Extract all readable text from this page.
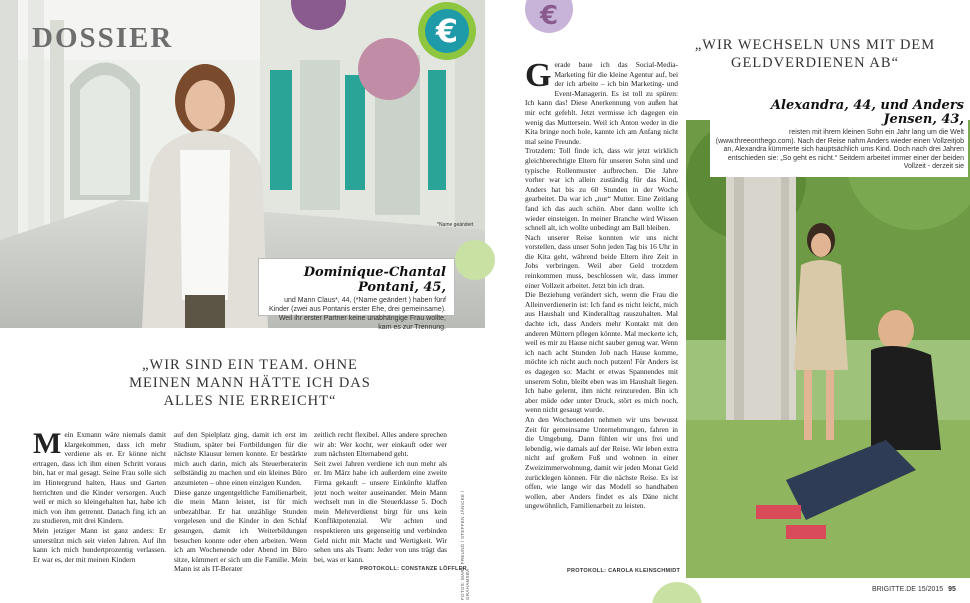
€	€
DOSSIER
*Name geändert
Dominique-Chantal Pontani, 45,
und Mann Claus*, 44, (*Name geändert ) haben fünf Kinder (zwei aus Pontanis erster Ehe, drei gemeinsame). Weil ihr erster Partner keine unabhängige Frau wollte, kam es zur Trennung.
„WIR SIND EIN TEAM. OHNE MEINEN MANN HÄTTE ICH DAS ALLES NIE ERREICHT“
Mein Exmann wäre niemals damit klargekommen, dass ich mehr verdiene als er. Er könne nicht ertragen, dass ich ihm einen Schritt voraus bin, hat er mal gesagt. Seine Frau solle sich im Hintergrund halten, Haus und Garten herrichten und die Kinder versorgen. Auch weil er mich so kleingehalten hat, habe ich mich von ihm getrennt. Danach fing ich an zu studieren, mit drei Kindern.
Mein jetziger Mann ist ganz anders: Er unterstützt mich seit vielen Jahren. Auf ihn kann ich mich hundertprozentig verlassen. Er war es, der mit meinen Kindern
auf den Spielplatz ging, damit ich erst im Studium, später bei Fortbildungen für die nächste Klausur lernen konnte. Er bestärkte mich auch darin, mich als Steuerberaterin selbständig zu machen und ein kleines Büro anzumieten – ohne einen einzigen Kunden.
Diese ganze ungentgeltliche Familienarbeit, die mein Mann leistet, ist für mich unbezahlbar. Er hat unzählige Stunden vorgelesen und die Kinder in den Schlaf gesungen, damit ich Weiterbildungen besuchen konnte oder eben arbeiten. Wenn ich am Wochenende oder Abend im Büro sitze, kümmert er sich um die Familie. Mein Mann ist als IT-Berater
zeitlich recht flexibel. Alles andere sprechen wir ab: Wer kocht, wer einkauft oder wer zum nächsten Elternabend geht.
Seit zwei Jahren verdiene ich nun mehr als er. Im März habe ich außerdem eine zweite Firma gekauft – unsere Einkünfte klaffen jetzt noch weiter auseinander. Mein Mann wechselt nun in die Steuerklasse 5. Doch mein Mehrverdienst birgt für uns kein Konfliktpotenzial. Wir achten und respektieren uns gegenseitig und verbinden Geld nicht mit Macht und Wertigkeit. Wir sehen uns als Team: Jeder von uns trägt das bei, was er kann.
PROTOKOLL: CONSTANZE LÖFFLER
FOTOS: MARK FREUND / STEFFEN JÄNICKE / GRAHAMSBA
„WIR WECHSELN UNS MIT DEM GELDVERDIENEN AB“
Alexandra, 44, und Anders Jensen, 43,
reisten mit ihrem kleinen Sohn ein Jahr lang um die Welt (www.threeonthego.com). Nach der Reise nahm Anders wieder einen Vollzeitjob an, Alexandra kümmerte sich hauptsächlich ums Kind. Doch nach drei Jahren entschieden sie: „So geht es nicht.“ Seitdem arbeitet immer einer der beiden Vollzeit - derzeit sie
Gerade baue ich das Social-Media-Marketing für die kleine Agentur auf, bei der ich arbeite – ich bin Marketing- und Event-Managerin. Es ist toll zu spüren: Ich kann das! Diese Anerkennung von außen hat mir echt gefehlt. Jetzt vermisse ich dagegen ein wenig das Muttersein. Weil ich Anton weder in die Kita bringe noch hole, kannte ich am Anfang nicht mal seine Freunde.
Trotzdem: Toll finde ich, dass wir jetzt wirklich gleichberechtigte Eltern für unseren Sohn sind und typische Rollenmuster aufbrechen. Die Jahre vorher war ich allein zuständig für das Kind, Anders hat bis zu 60 Stunden in der Woche gearbeitet. Da war ich „nur“ Mutter. Eine Zeitlang fand ich das auch schön. Aber dann wollte ich wieder einsteigen. In meiner Branche wird Wissen schnell alt, ich wollte unbedingt am Ball bleiben.
Nach unserer Reise konnten wir uns nicht vorstellen, dass unser Sohn jeden Tag bis 16 Uhr in die Kita geht, während beide Eltern ihre Zeit in Jobs verbringen. Weil aber Geld trotzdem reinkommen muss, beschlossen wir, dass immer einer Vollzeit arbeitet. Jetzt bin ich dran.
Die Beziehung verändert sich, wenn die Frau die Alleinverdienerin ist: Ich fand es nicht leicht, mich aus Haushalt und Kinderalltag rauszuhalten. Mal dachte ich, dass Anders mehr Kontakt mit den anderen Müttern pflegen könnte. Mal meckerte ich, weil es mir zu Hause nicht sauber genug war. Wenn ich nach acht Stunden Job nach Hause komme, möchte ich nicht auch noch putzen! Für Anders ist es dagegen so: Macht er etwas Spannendes mit unserem Sohn, bleibt eben was im Haushalt liegen. Ich habe gelernt, ihm nicht reinzureden. Bin ich aber müde oder unter Druck, stört es mich noch, wenn nicht gesaugt wurde.
An den Wochenenden nehmen wir uns bewusst Zeit für gemeinsame Unternehmungen, fahren in die Umgebung. Dann fühlen wir uns frei und lebendig, wie damals auf der Reise. Wir leben extra nicht auf großem Fuß und wohnen in einer Zweizimmerwohnung, damit wir jeden Monat Geld zurücklegen können. Für die nächste Reise. Es ist offen, wie lange wir das Modell so handhaben wollen, aber Anders findet es als Däne nicht ungewöhnlich, Familienarbeit zu leisten.
PROTOKOLL: CAROLA KLEINSCHMIDT
BRIGITTE.DE 15/2015 95
